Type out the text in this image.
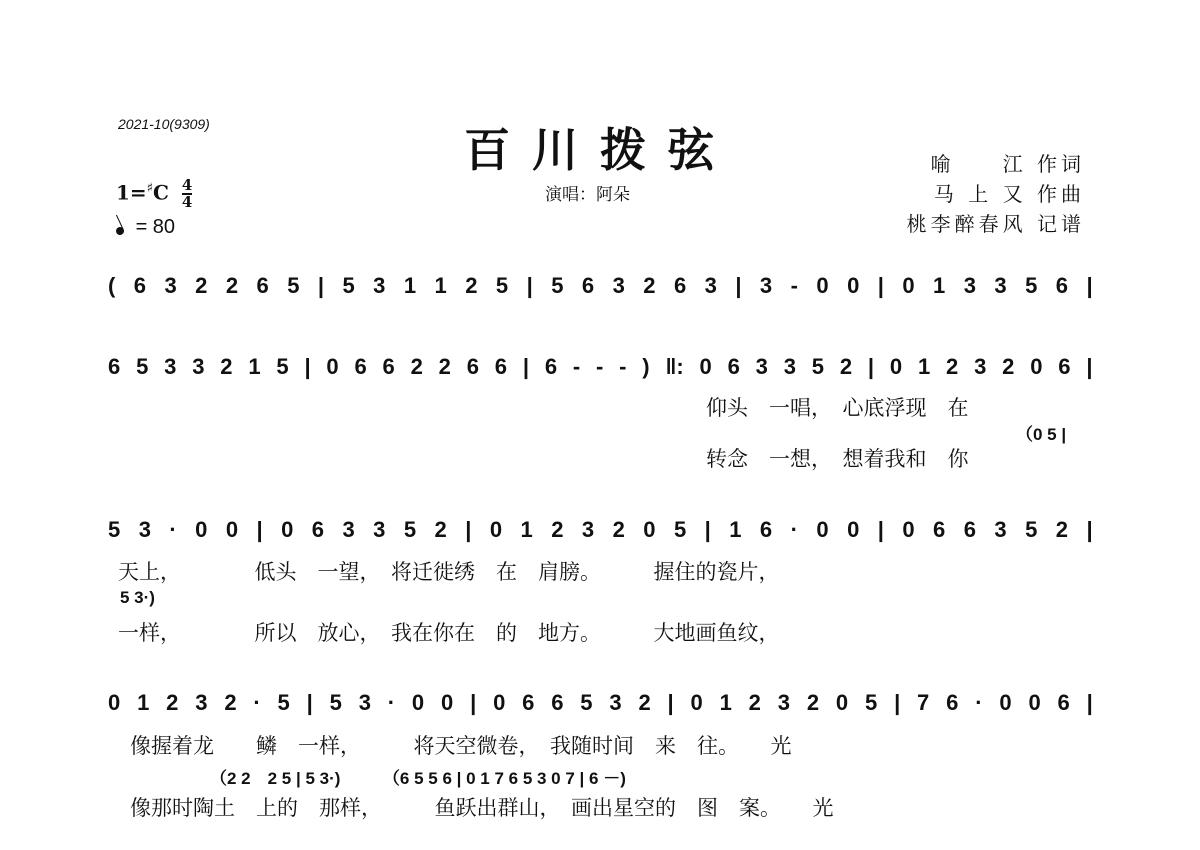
2021-10(9309)	百川拨弦
演唱：阿朵
喻　　江 作词
马 上 又 作曲
桃李醉春风 记谱
$1=^♯C \frac{4}{4}$
= 80
( 6 3 2 2 6 5 | 5 3 1 1 2 5 | 5 6 3 2 6 3 | 3 - 0 0 | 0 1 3 3 5 6 |
6 5 3 3 2 1 5 | 0 6 6 2 2 6 6 | 6 - - - ) ‖: 0 6 3 3 5 2 | 0 1 2 3 2 0 6 |
仰头　一唱，　心底浮现　在
（0 5 |
转念　一想，　想着我和　你
5 3 · 0 0 | 0 6 3 3 5 2 | 0 1 2 3 2 0 5 | 1 6 · 0 0 | 0 6 6 3 5 2 |
天上，　　　　低头　一望，　将迁徙绣　在　肩膀。　　　握住的瓷片，
5 3·)
一样，　　　　所以　放心，　我在你在　的　地方。　　　大地画鱼纹，
0 1 2 3 2 · 5 | 5 3 · 0 0 | 0 6 6 5 3 2 | 0 1 2 3 2 0 5 | 7 6 · 0 0 6 |
像握着龙　　鳞　一样，　　　将天空微卷，　我随时间　来　往。　　光
（2 2　2 5 | 5 3·)　　　（6 5 5 6 | 0 1 7 6 5 3 0 7 | 6 －)
像那时陶土　上的　那样，　　　鱼跃出群山，　画出星空的　图　案。　　光
